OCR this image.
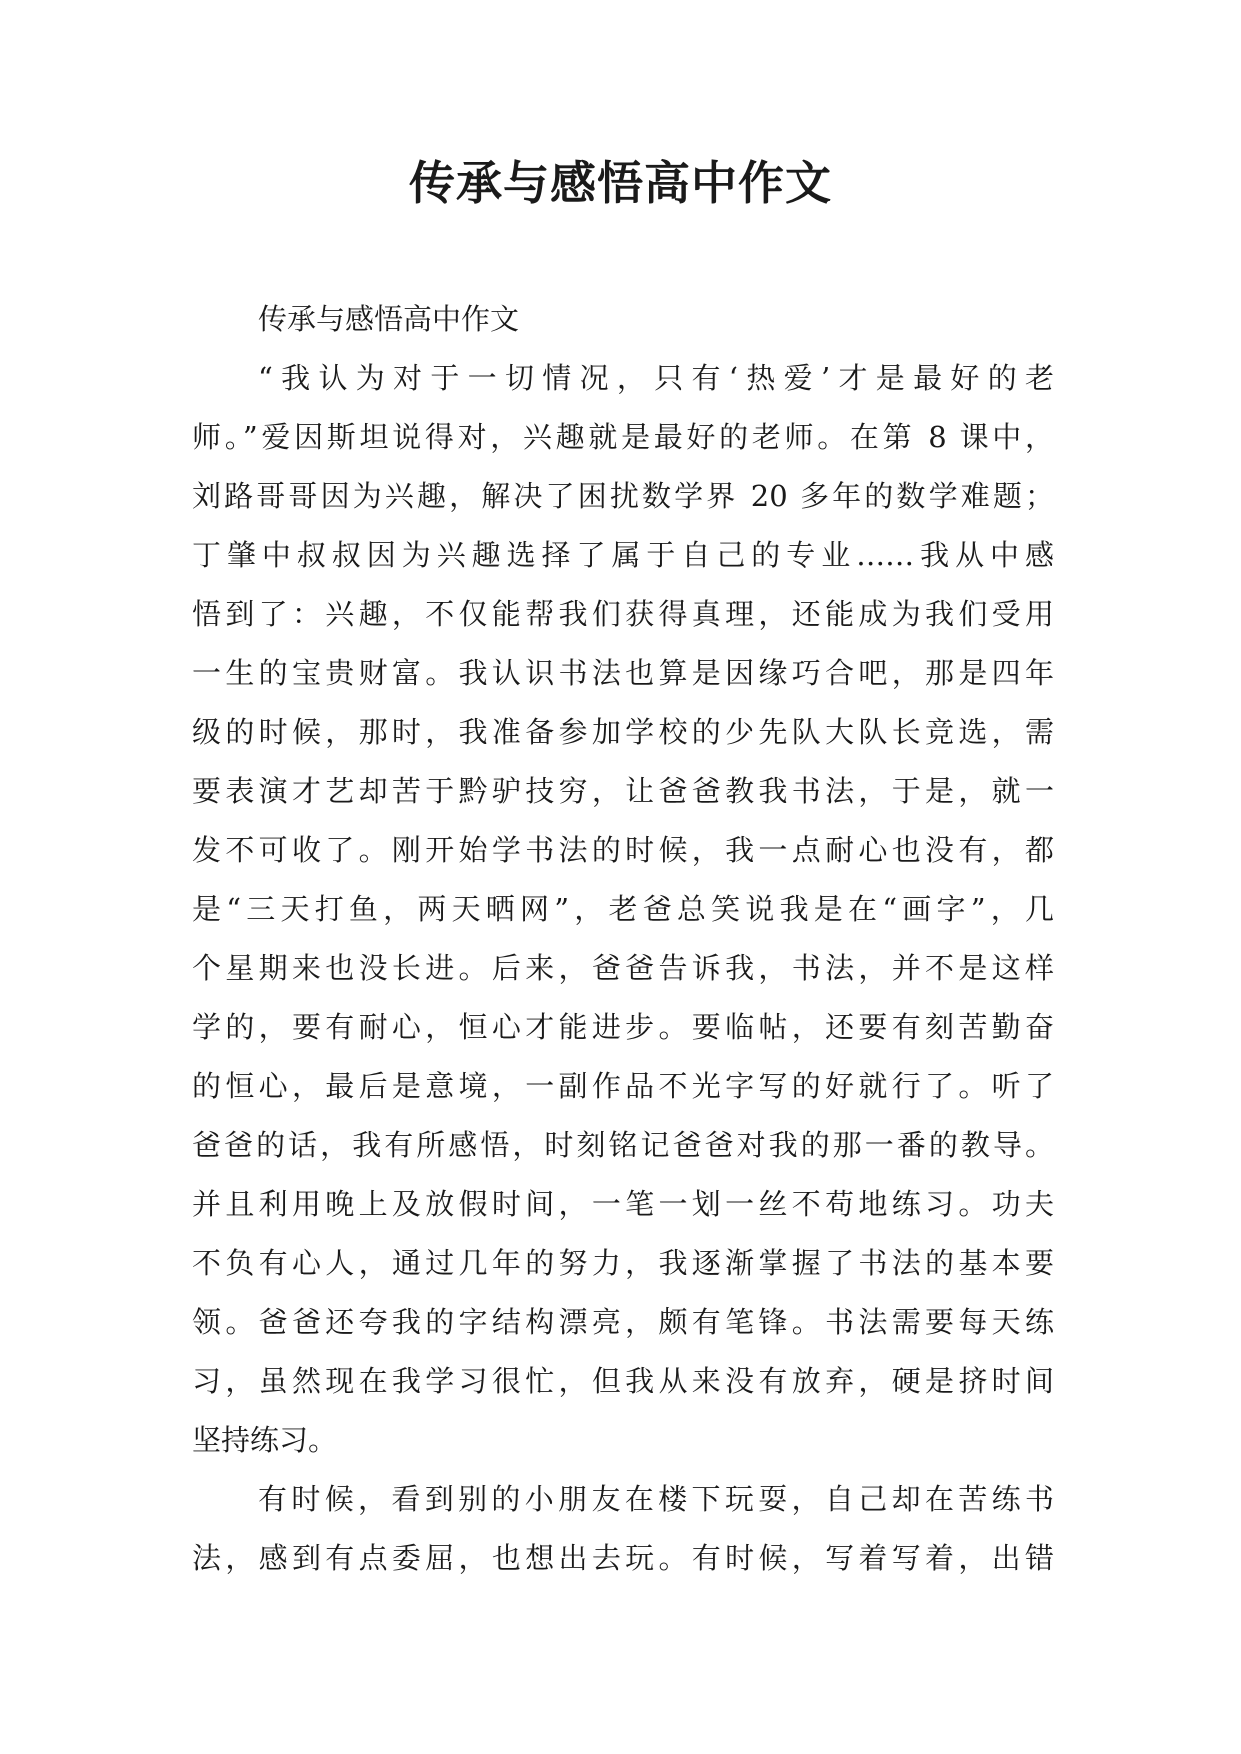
传承与感悟高中作文
传承与感悟高中作文
“我认为对于一切情况，只有‘热爱’才是最好的老
师。”爱因斯坦说得对，兴趣就是最好的老师。在第 8 课中，
刘路哥哥因为兴趣，解决了困扰数学界 20 多年的数学难题；
丁肇中叔叔因为兴趣选择了属于自己的专业……我从中感
悟到了：兴趣，不仅能帮我们获得真理，还能成为我们受用
一生的宝贵财富。我认识书法也算是因缘巧合吧，那是四年
级的时候，那时，我准备参加学校的少先队大队长竞选，需
要表演才艺却苦于黔驴技穷，让爸爸教我书法，于是，就一
发不可收了。刚开始学书法的时候，我一点耐心也没有，都
是“三天打鱼，两天晒网”，老爸总笑说我是在“画字”，几
个星期来也没长进。后来，爸爸告诉我，书法，并不是这样
学的，要有耐心，恒心才能进步。要临帖，还要有刻苦勤奋
的恒心，最后是意境，一副作品不光字写的好就行了。听了
爸爸的话，我有所感悟，时刻铭记爸爸对我的那一番的教导。
并且利用晚上及放假时间，一笔一划一丝不苟地练习。功夫
不负有心人，通过几年的努力，我逐渐掌握了书法的基本要
领。爸爸还夸我的字结构漂亮，颇有笔锋。书法需要每天练
习，虽然现在我学习很忙，但我从来没有放弃，硬是挤时间
坚持练习。
有时候，看到别的小朋友在楼下玩耍，自己却在苦练书
法，感到有点委屈，也想出去玩。有时候，写着写着，出错
